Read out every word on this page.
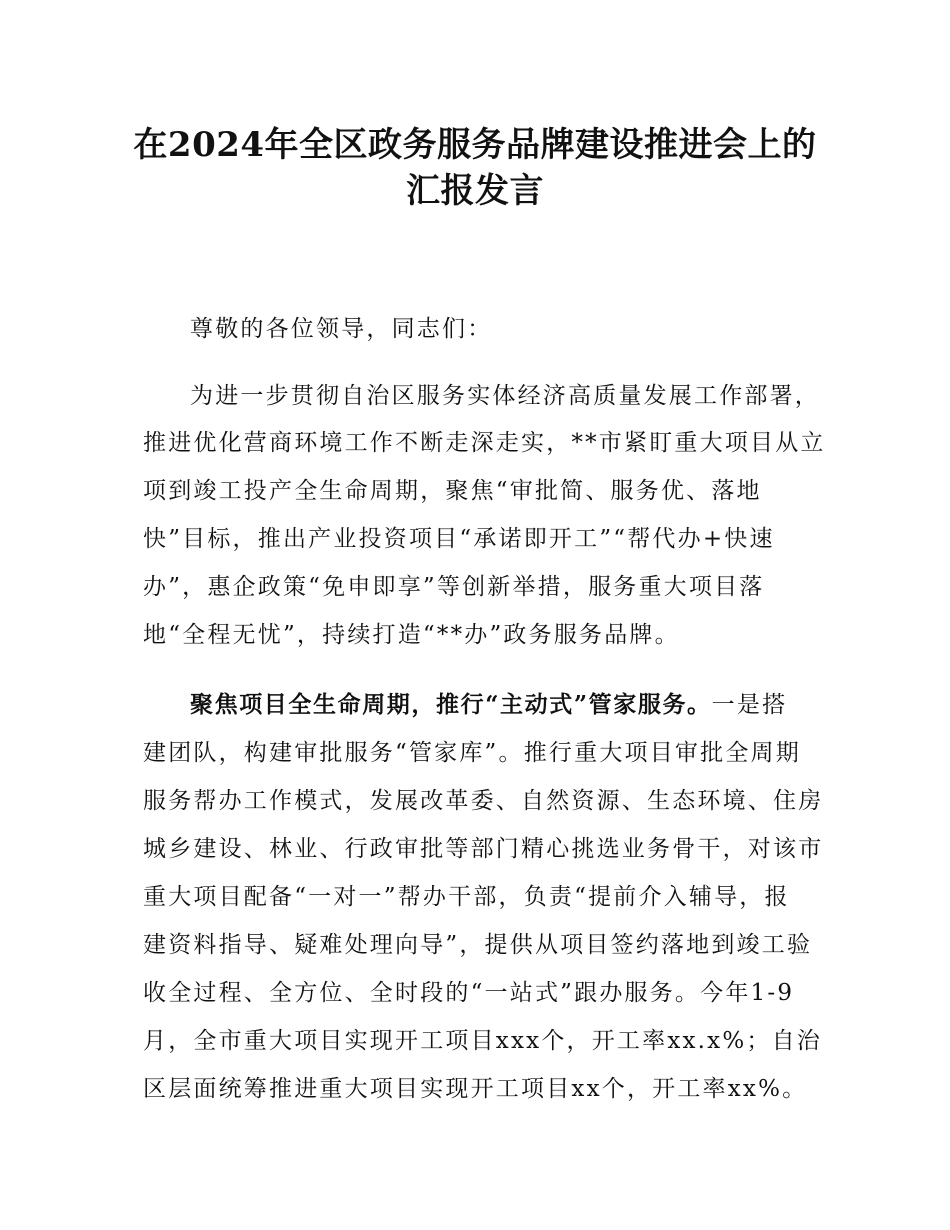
在2024年全区政务服务品牌建设推进会上的
汇报发言

尊敬的各位领导，同志们：

为进一步贯彻自治区服务实体经济高质量发展工作部署，

推进优化营商环境工作不断走深走实，**市紧盯重大项目从立

项到竣工投产全生命周期，聚焦“审批简、服务优、落地

快”目标，推出产业投资项目“承诺即开工”“帮代办+快速

办”，惠企政策“免申即享”等创新举措，服务重大项目落

地“全程无忧”，持续打造“**办”政务服务品牌。

聚焦项目全生命周期，推行“主动式”管家服务。一是搭

建团队，构建审批服务“管家库”。推行重大项目审批全周期

服务帮办工作模式，发展改革委、自然资源、生态环境、住房

城乡建设、林业、行政审批等部门精心挑选业务骨干，对该市

重大项目配备“一对一”帮办干部，负责“提前介入辅导，报

建资料指导、疑难处理向导”，提供从项目签约落地到竣工验

收全过程、全方位、全时段的“一站式”跟办服务。今年1-9

月，全市重大项目实现开工项目xxx个，开工率xx.x%；自治

区层面统筹推进重大项目实现开工项目xx个，开工率xx%。
